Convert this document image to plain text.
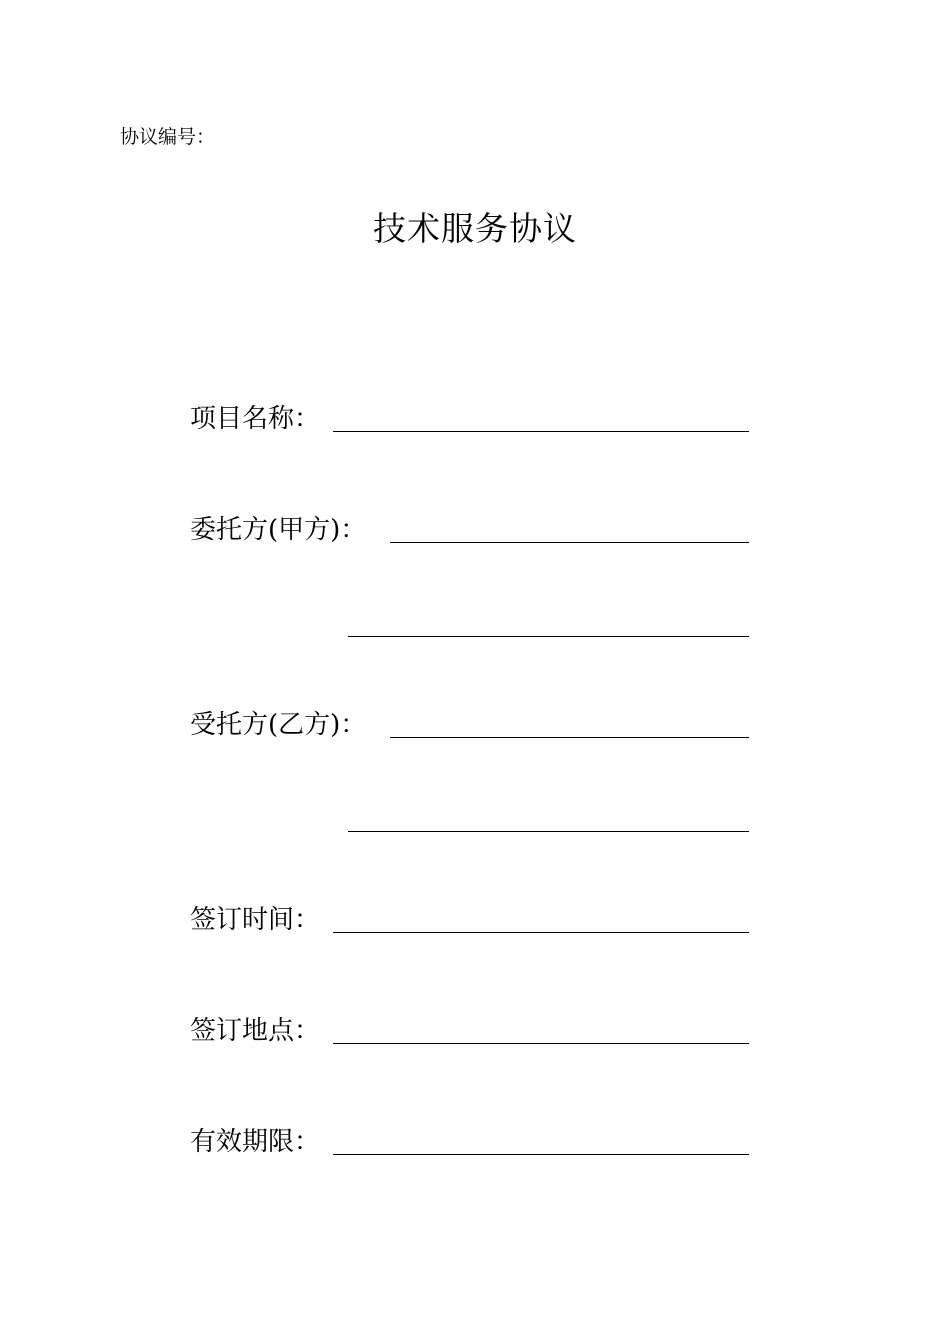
协议编号：
技术服务协议
项目名称：
委托方(甲方)：
受托方(乙方)：
签订时间：
签订地点：
有效期限：
